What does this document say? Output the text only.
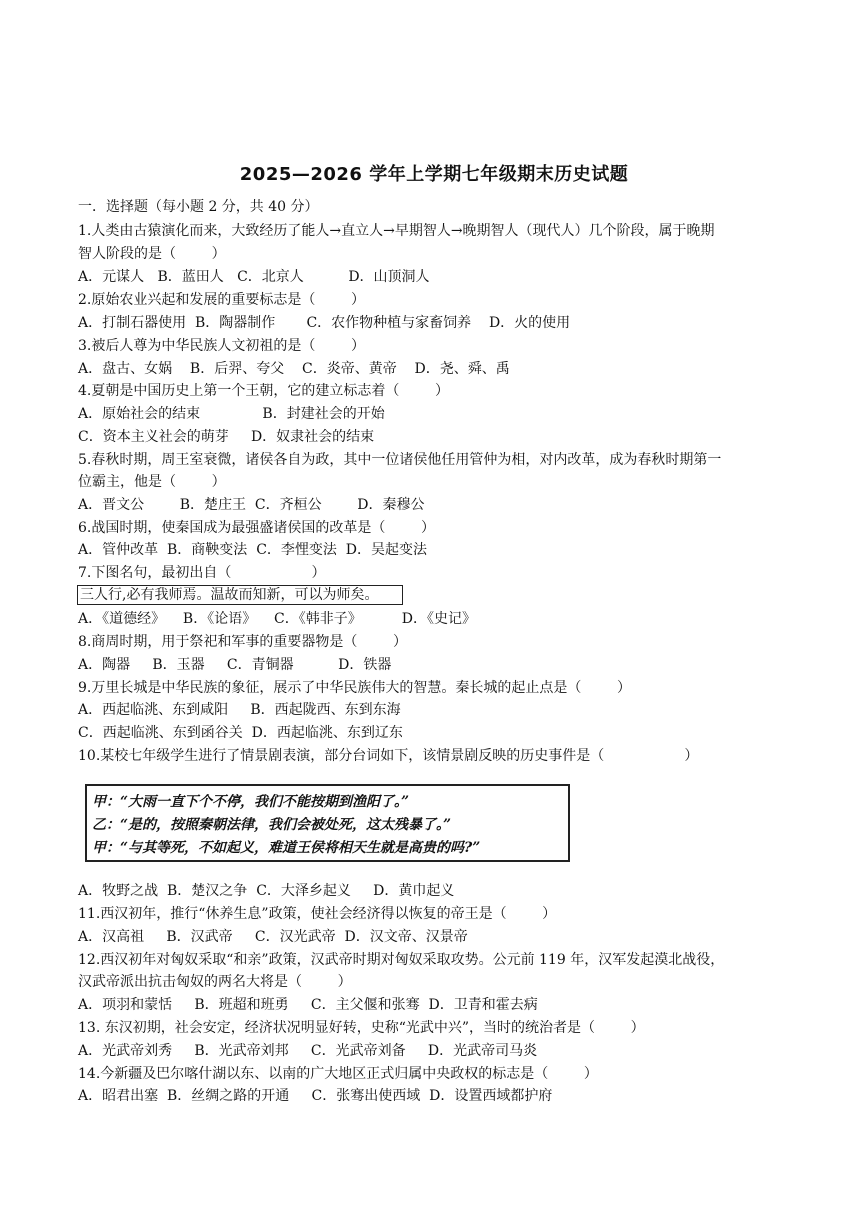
2025—2026 学年上学期七年级期末历史试题
一．选择题（每小题 2 分，共 40 分）
1.人类由古猿演化而来，大致经历了能人→直立人→早期智人→晚期智人（现代人）几个阶段，属于晚期
智人阶段的是（        ）
A．元谋人   B．蓝田人   C．北京人          D．山顶洞人
2.原始农业兴起和发展的重要标志是（        ）
A．打制石器使用  B．陶器制作       C．农作物种植与家畜饲养    D．火的使用
3.被后人尊为中华民族人文初祖的是（        ）
A．盘古、女娲    B．后羿、夸父    C．炎帝、黄帝    D．尧、舜、禹
4.夏朝是中国历史上第一个王朝，它的建立标志着（        ）
A．原始社会的结束              B．封建社会的开始
C．资本主义社会的萌芽     D．奴隶社会的结束
5.春秋时期，周王室衰微，诸侯各自为政，其中一位诸侯他任用管仲为相，对内改革，成为春秋时期第一
位霸主，他是（        ）
A．晋文公        B．楚庄王  C．齐桓公        D．秦穆公
6.战国时期，使秦国成为最强盛诸侯国的改革是（        ）
A．管仲改革  B．商鞅变法  C．李悝变法  D．吴起变法
7.下图名句，最初出自（                  ）
三人行,必有我师焉。温故而知新，可以为师矣。
A．《道德经》    B．《论语》    C．《韩非子》         D．《史记》
8.商周时期，用于祭祀和军事的重要器物是（        ）
A．陶器     B．玉器     C．青铜器          D．铁器
9.万里长城是中华民族的象征，展示了中华民族伟大的智慧。秦长城的起止点是（        ）
A．西起临洮、东到咸阳     B．西起陇西、东到东海
C．西起临洮、东到函谷关  D．西起临洮、东到辽东
10.某校七年级学生进行了情景剧表演，部分台词如下，该情景剧反映的历史事件是（                  ）
甲：“大雨一直下个不停，我们不能按期到渔阳了。”
乙：“是的，按照秦朝法律，我们会被处死，这太残暴了。”
甲：“与其等死，不如起义，难道王侯将相天生就是高贵的吗?”
A．牧野之战  B．楚汉之争  C．大泽乡起义     D．黄巾起义
11.西汉初年，推行“休养生息”政策，使社会经济得以恢复的帝王是（        ）
A．汉高祖     B．汉武帝     C．汉光武帝  D．汉文帝、汉景帝
12.西汉初年对匈奴采取“和亲”政策，汉武帝时期对匈奴采取攻势。公元前 119 年，汉军发起漠北战役，
汉武帝派出抗击匈奴的两名大将是（        ）
A．项羽和蒙恬     B．班超和班勇     C．主父偃和张骞  D．卫青和霍去病
13. 东汉初期，社会安定，经济状况明显好转，史称“光武中兴”，当时的统治者是（        ）
A．光武帝刘秀     B．光武帝刘邦     C．光武帝刘备     D．光武帝司马炎
14.今新疆及巴尔喀什湖以东、以南的广大地区正式归属中央政权的标志是（        ）
A．昭君出塞  B．丝绸之路的开通     C．张骞出使西域  D．设置西域都护府
